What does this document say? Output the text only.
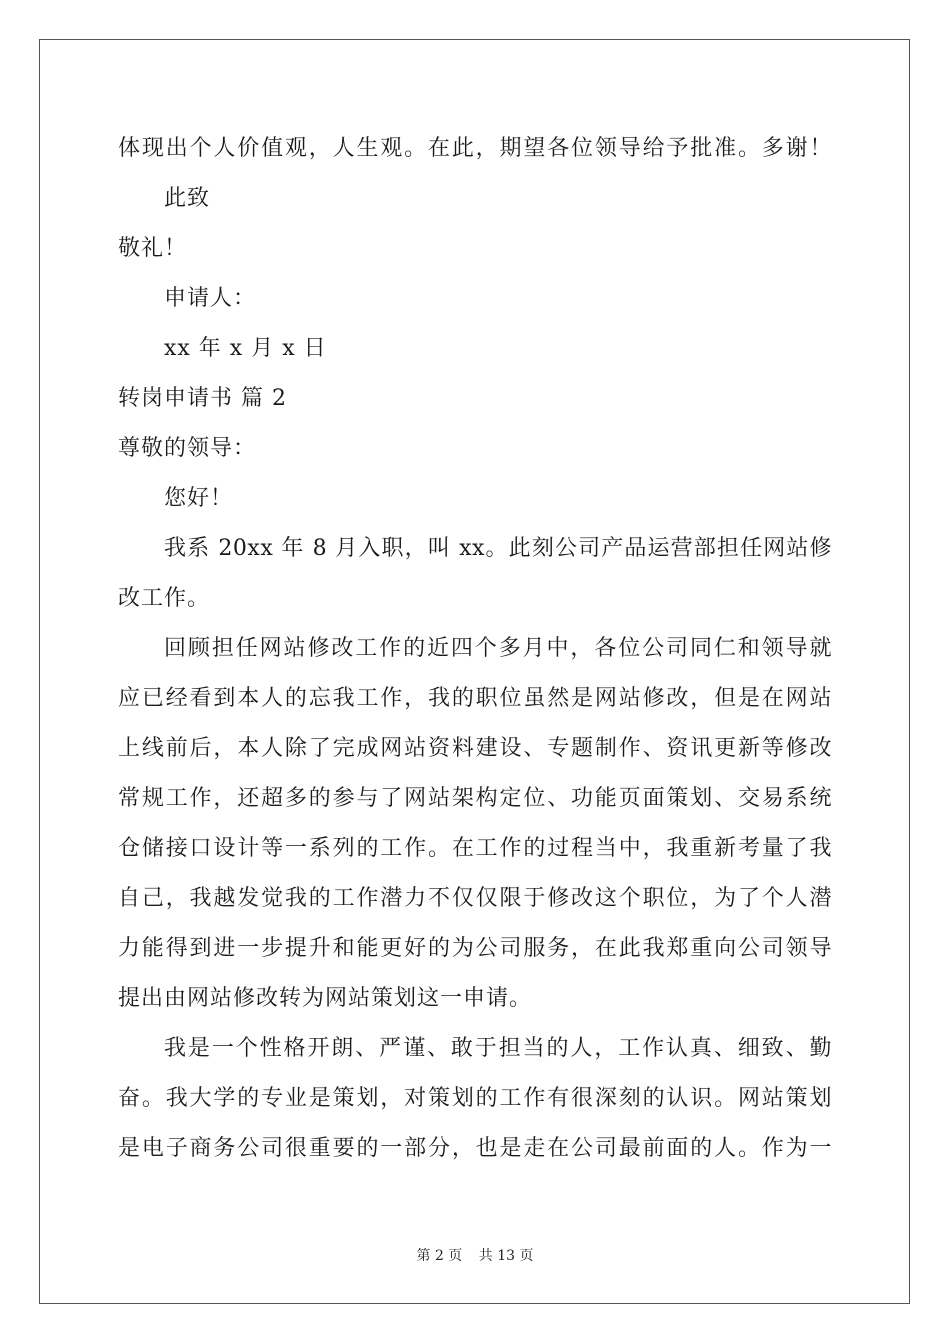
体现出个人价值观，人生观。在此，期望各位领导给予批准。多谢！
此致
敬礼！
申请人：
xx 年 x 月 x 日
转岗申请书 篇 2
尊敬的领导：
您好！
我系 20xx 年 8 月入职，叫 xx。此刻公司产品运营部担任网站修
改工作。
回顾担任网站修改工作的近四个多月中，各位公司同仁和领导就
应已经看到本人的忘我工作，我的职位虽然是网站修改，但是在网站
上线前后，本人除了完成网站资料建设、专题制作、资讯更新等修改
常规工作，还超多的参与了网站架构定位、功能页面策划、交易系统
仓储接口设计等一系列的工作。在工作的过程当中，我重新考量了我
自己，我越发觉我的工作潜力不仅仅限于修改这个职位，为了个人潜
力能得到进一步提升和能更好的为公司服务，在此我郑重向公司领导
提出由网站修改转为网站策划这一申请。
我是一个性格开朗、严谨、敢于担当的人，工作认真、细致、勤
奋。我大学的专业是策划，对策划的工作有很深刻的认识。网站策划
是电子商务公司很重要的一部分，也是走在公司最前面的人。作为一
第 2 页 共 13 页
